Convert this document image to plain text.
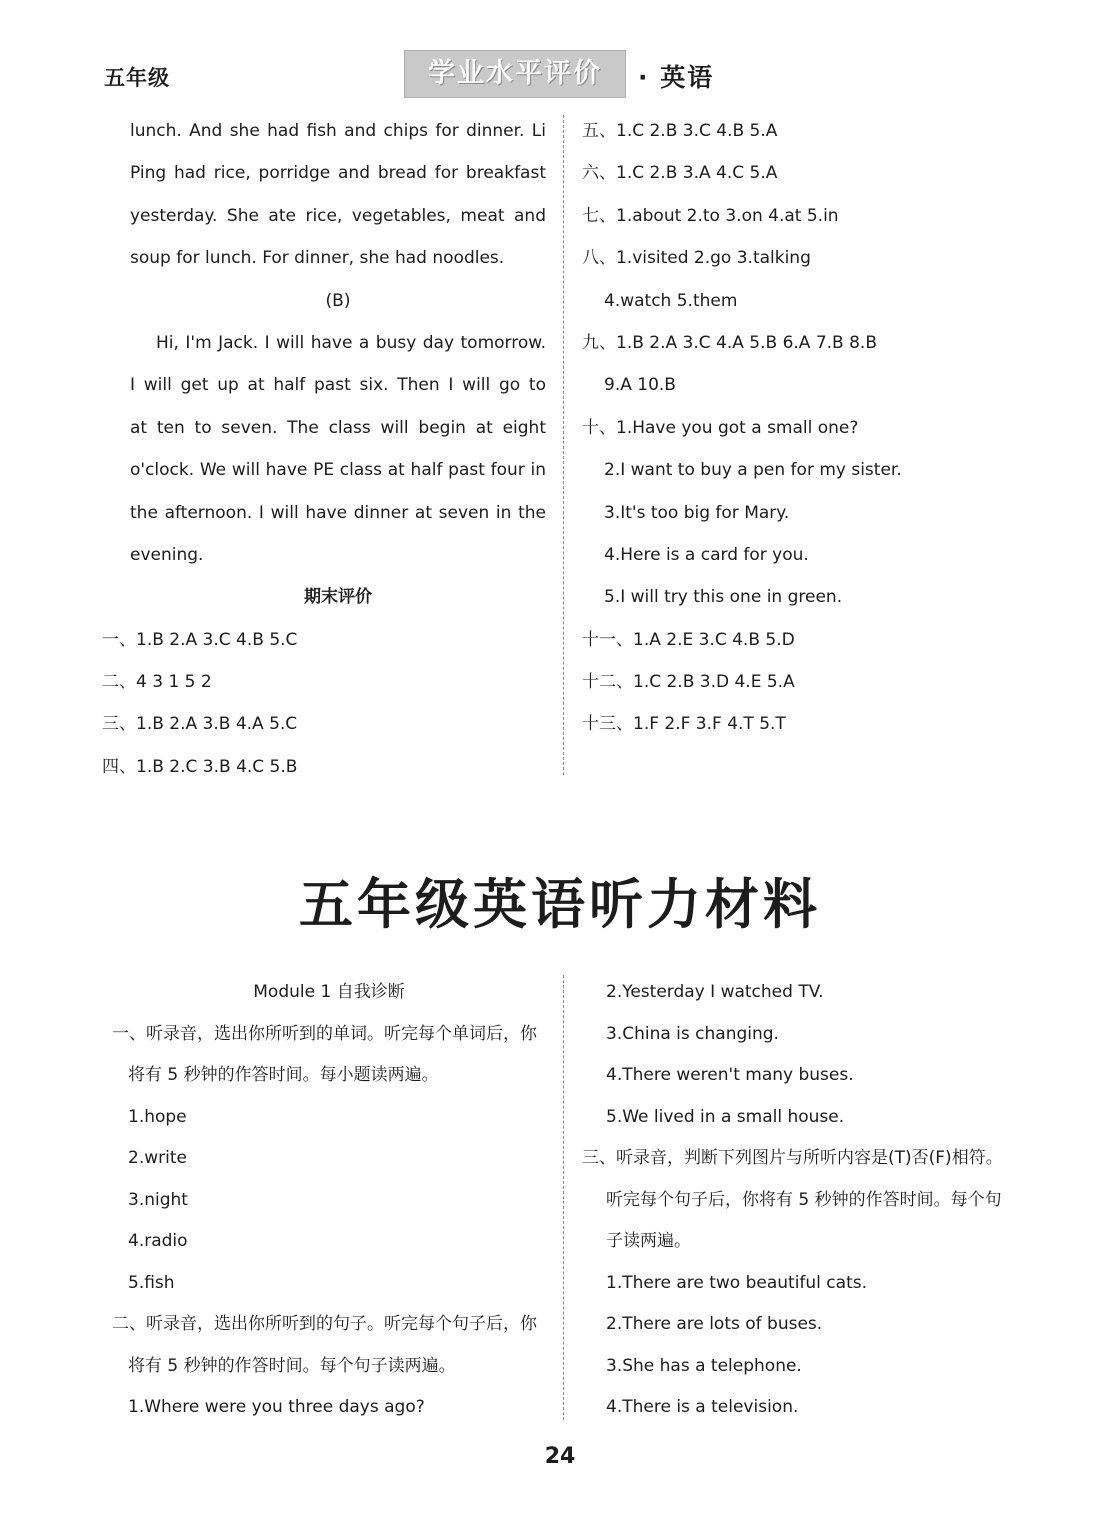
五年级	学业水平评价	· 英语
lunch. And she had fish and chips for dinner. Li
Ping had rice, porridge and bread for breakfast
yesterday. She ate rice, vegetables, meat and
soup for lunch. For dinner, she had noodles.
(B)
Hi, I'm Jack. I will have a busy day tomorrow.
I will get up at half past six. Then I will go to
at ten to seven. The class will begin at eight
o'clock. We will have PE class at half past four in
the afternoon. I will have dinner at seven in the
evening.
期末评价
一、1.B 2.A 3.C 4.B 5.C
二、4 3 1 5 2
三、1.B 2.A 3.B 4.A 5.C
四、1.B 2.C 3.B 4.C 5.B
五、1.C 2.B 3.C 4.B 5.A
六、1.C 2.B 3.A 4.C 5.A
七、1.about 2.to 3.on 4.at 5.in
八、1.visited 2.go 3.talking
4.watch 5.them
九、1.B 2.A 3.C 4.A 5.B 6.A 7.B 8.B
9.A 10.B
十、1.Have you got a small one?
2.I want to buy a pen for my sister.
3.It's too big for Mary.
4.Here is a card for you.
5.I will try this one in green.
十一、1.A 2.E 3.C 4.B 5.D
十二、1.C 2.B 3.D 4.E 5.A
十三、1.F 2.F 3.F 4.T 5.T
五年级英语听力材料
Module 1 自我诊断
一、听录音，选出你所听到的单词。听完每个单词后，你
将有 5 秒钟的作答时间。每小题读两遍。
1.hope
2.write
3.night
4.radio
5.fish
二、听录音，选出你所听到的句子。听完每个句子后，你
将有 5 秒钟的作答时间。每个句子读两遍。
1.Where were you three days ago?
2.Yesterday I watched TV.
3.China is changing.
4.There weren't many buses.
5.We lived in a small house.
三、听录音，判断下列图片与所听内容是(T)否(F)相符。
听完每个句子后，你将有 5 秒钟的作答时间。每个句
子读两遍。
1.There are two beautiful cats.
2.There are lots of buses.
3.She has a telephone.
4.There is a television.
24
